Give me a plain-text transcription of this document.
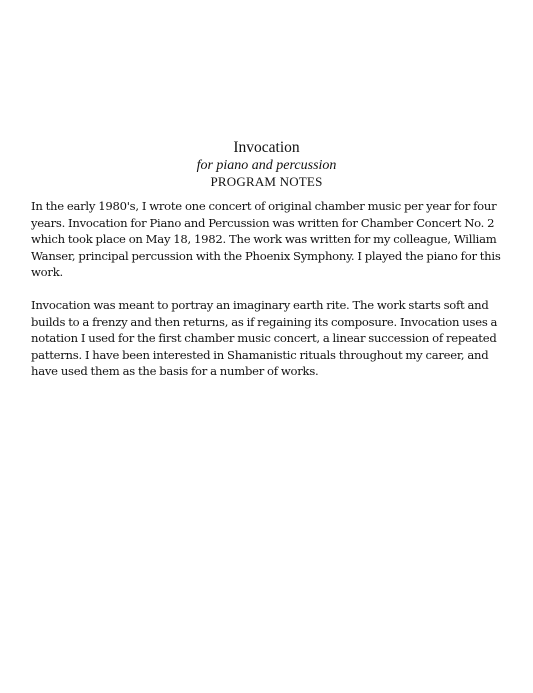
Invocation
for piano and percussion
PROGRAM NOTES

In the early 1980's, I wrote one concert of original chamber music per year for four
years. Invocation for Piano and Percussion was written for Chamber Concert No. 2
which took place on May 18, 1982. The work was written for my colleague, William
Wanser, principal percussion with the Phoenix Symphony. I played the piano for this
work.

Invocation was meant to portray an imaginary earth rite. The work starts soft and
builds to a frenzy and then returns, as if regaining its composure. Invocation uses a
notation I used for the first chamber music concert, a linear succession of repeated
patterns. I have been interested in Shamanistic rituals throughout my career, and
have used them as the basis for a number of works.
